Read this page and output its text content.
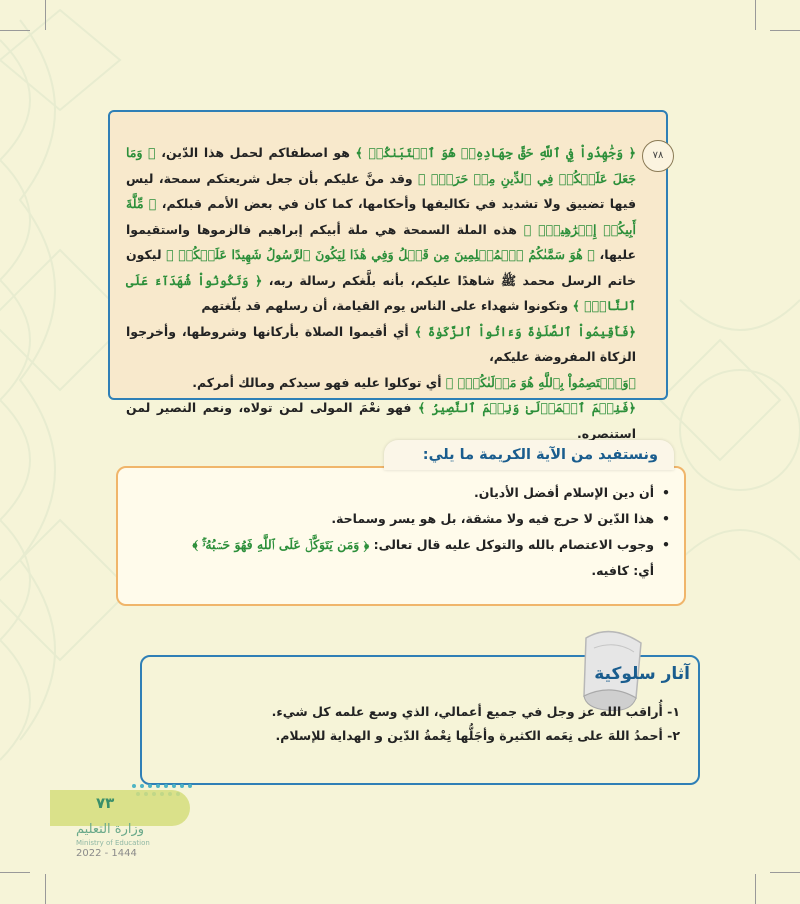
٧٨

﴿ وَجَٰهِدُواْ فِي ٱللَّهِ حَقَّ جِهَادِهِۦۚ هُوَ ٱجۡتَبَىٰكُمۡ ﴾ هو اصطفاكم لحمل هذا الدّين، ﴿ وَمَا جَعَلَ عَلَيۡكُمۡ فِي ٱلدِّينِ مِنۡ حَرَجٖۚ ﴾ وقد منَّ عليكم بأن جعل شريعتكم سمحة، ليس فيها تضييق ولا تشديد في تكاليفها وأحكامها، كما كان في بعض الأمم قبلكم، ﴿ مِّلَّةَ أَبِيكُمۡ إِبۡرَٰهِيمَۚ ﴾ هذه الملة السمحة هي ملة أبيكم إبراهيم فالزموها واستقيموا عليها، ﴿ هُوَ سَمَّىٰكُمُ ٱلۡمُسۡلِمِينَ مِن قَبۡلُ وَفِي هَٰذَا لِيَكُونَ ٱلرَّسُولُ شَهِيدًا عَلَيۡكُمۡ ﴾ ليكون خاتم الرسل محمد ﷺ شاهدًا عليكم، بأنه بلَّغكم رسالة ربه، ﴿ وَتَكُونُواْ شُهَدَآءَ عَلَى ٱلنَّاسِۚ ﴾ وتكونوا شهداء على الناس يوم القيامة، أن رسلهم قد بلّغتهم

﴿فَأَقِيمُواْ ٱلصَّلَوٰةَ وَءَاتُواْ ٱلزَّكَوٰةَ ﴾ أي أقيموا الصلاة بأركانها وشروطها، وأخرجوا الزكاة المفروضة عليكم،

﴿وَٱعۡتَصِمُواْ بِٱللَّهِ هُوَ مَوۡلَىٰكُمۡۖ ﴾ أي توكلوا عليه فهو سيدكم ومالك أمركم.

﴿فَنِعۡمَ ٱلۡمَوۡلَىٰ وَنِعۡمَ ٱلنَّصِيرُ ﴾ فهو نعْمَ المولى لمن تولاه، ونعم النصير لمن استنصره.

ونستفيد من الآية الكريمة ما يلي:
•
أن دين الإسلام أفضل الأديان.
•
هذا الدّين لا حرج فيه ولا مشقة، بل هو يسر وسماحة.
•
وجوب الاعتصام بالله والتوكل عليه قال تعالى: ﴿ وَمَن يَتَوَكَّلۡ عَلَى ٱللَّهِ فَهُوَ حَسۡبُهُۥٓۚ ﴾
أي: كافيه.
آثار سلوكية
١- أُراقب الله عز وجل في جميع أعمالي، الذي وسع علمه كل شيء.
٢- أحمدُ اللهَ على نِعَمه الكثيرة وأجَلُّها نِعْمةُ الدّين و الهداية للإسلام.
٧٣
وزارة التعليم
Ministry of Education
2022 - 1444
